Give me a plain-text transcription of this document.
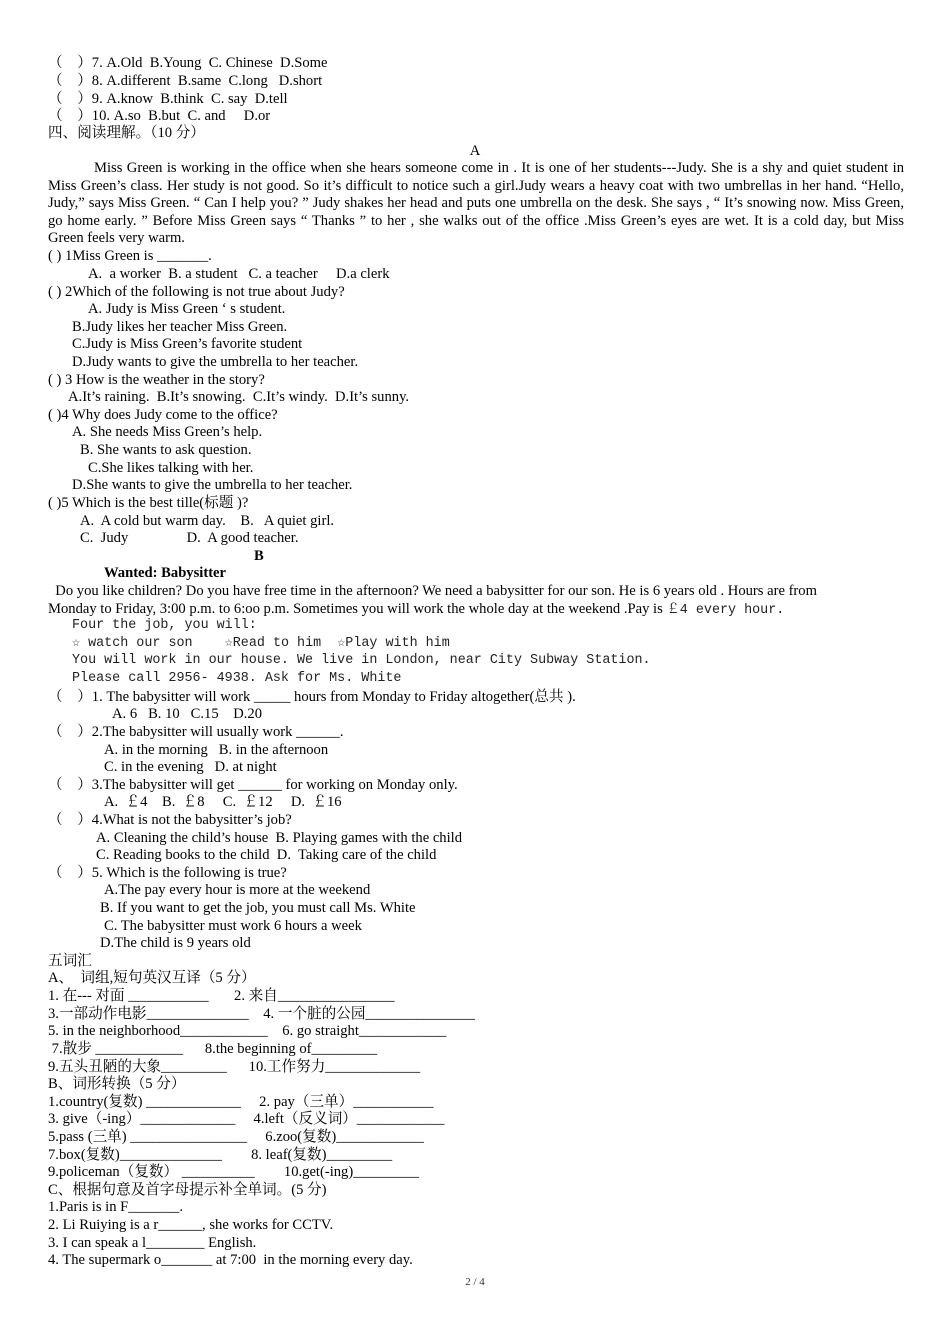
（　）7. A.Old  B.Young  C. Chinese  D.Some
（　）8. A.different  B.same  C.long   D.short
（　）9. A.know  B.think  C. say  D.tell
（　）10. A.so  B.but  C. and     D.or
四、阅读理解。（10 分）
A
Miss Green is working in the office when she hears someone come in . It is one of her students---Judy. She is a shy and quiet student in Miss Green’s class. Her study is not good. So it’s difficult to notice such a girl.Judy wears a heavy coat with two umbrellas in her hand. “Hello, Judy,” says Miss Green. “ Can I help you? ” Judy shakes her head and puts one umbrella on the desk. She says , “ It’s snowing now. Miss Green, go home early. ” Before Miss Green says “ Thanks ” to her , she walks out of the office .Miss Green’s eyes are wet. It is a cold day, but Miss Green feels very warm.
( ) 1Miss Green is _______.
A.  a worker  B. a student   C. a teacher     D.a clerk
( ) 2Which of the following is not true about Judy?
A. Judy is Miss Green ‘ s student.
B.Judy likes her teacher Miss Green.
C.Judy is Miss Green’s favorite student
D.Judy wants to give the umbrella to her teacher.
( ) 3 How is the weather in the story?
A.It’s raining.  B.It’s snowing.  C.It’s windy.  D.It’s sunny.
( )4 Why does Judy come to the office?
A. She needs Miss Green’s help.
B. She wants to ask question.
C.She likes talking with her.
D.She wants to give the umbrella to her teacher.
( )5 Which is the best tille(标题 )?
A.  A cold but warm day.    B.   A quiet girl.
C.  Judy                D.  A good teacher.
B
Wanted: Babysitter
Do you like children? Do you have free time in the afternoon? We need a babysitter for our son. He is 6 years old . Hours are from
Monday to Friday, 3:00 p.m. to 6:oo p.m. Sometimes you will work the whole day at the weekend .Pay is ￡4 every hour.
Four the job, you will:
☆ watch our son    ☆Read to him  ☆Play with him
You will work in our house. We live in London, near City Subway Station.
Please call 2956- 4938. Ask for Ms. White
（　）1. The babysitter will work _____ hours from Monday to Friday altogether(总共 ).
A. 6   B. 10   C.15    D.20
（　）2.The babysitter will usually work ______.
A. in the morning   B. in the afternoon
C. in the evening   D. at night
（　）3.The babysitter will get ______ for working on Monday only.
A.  ￡4    B.  ￡8     C.  ￡12     D.  ￡16
（　）4.What is not the babysitter’s job?
A. Cleaning the child’s house  B. Playing games with the child
C. Reading books to the child  D.  Taking care of the child
（　）5. Which is the following is true?
A.The pay every hour is more at the weekend
B. If you want to get the job, you must call Ms. White
C. The babysitter must work 6 hours a week
D.The child is 9 years old
五词汇
A、  词组,短句英汉互译（5 分）
1. 在--- 对面 ___________       2. 来自________________
3.一部动作电影______________    4. 一个脏的公园_______________
5. in the neighborhood____________    6. go straight____________
7.散步 ____________      8.the beginning of_________
9.五头丑陋的大象_________      10.工作努力_____________
B、词形转换（5 分）
1.country(复数) _____________     2. pay（三单）___________
3. give（-ing）_____________     4.left（反义词）____________
5.pass (三单) ________________     6.zoo(复数)____________
7.box(复数)______________        8. leaf(复数)_________
9.policeman（复数） __________        10.get(-ing)_________
C、根据句意及首字母提示补全单词。(5 分)
1.Paris is in F_______.
2. Li Ruiying is a r______, she works for CCTV.
3. I can speak a l________ English.
4. The supermark o_______ at 7:00  in the morning every day.
2 / 4
